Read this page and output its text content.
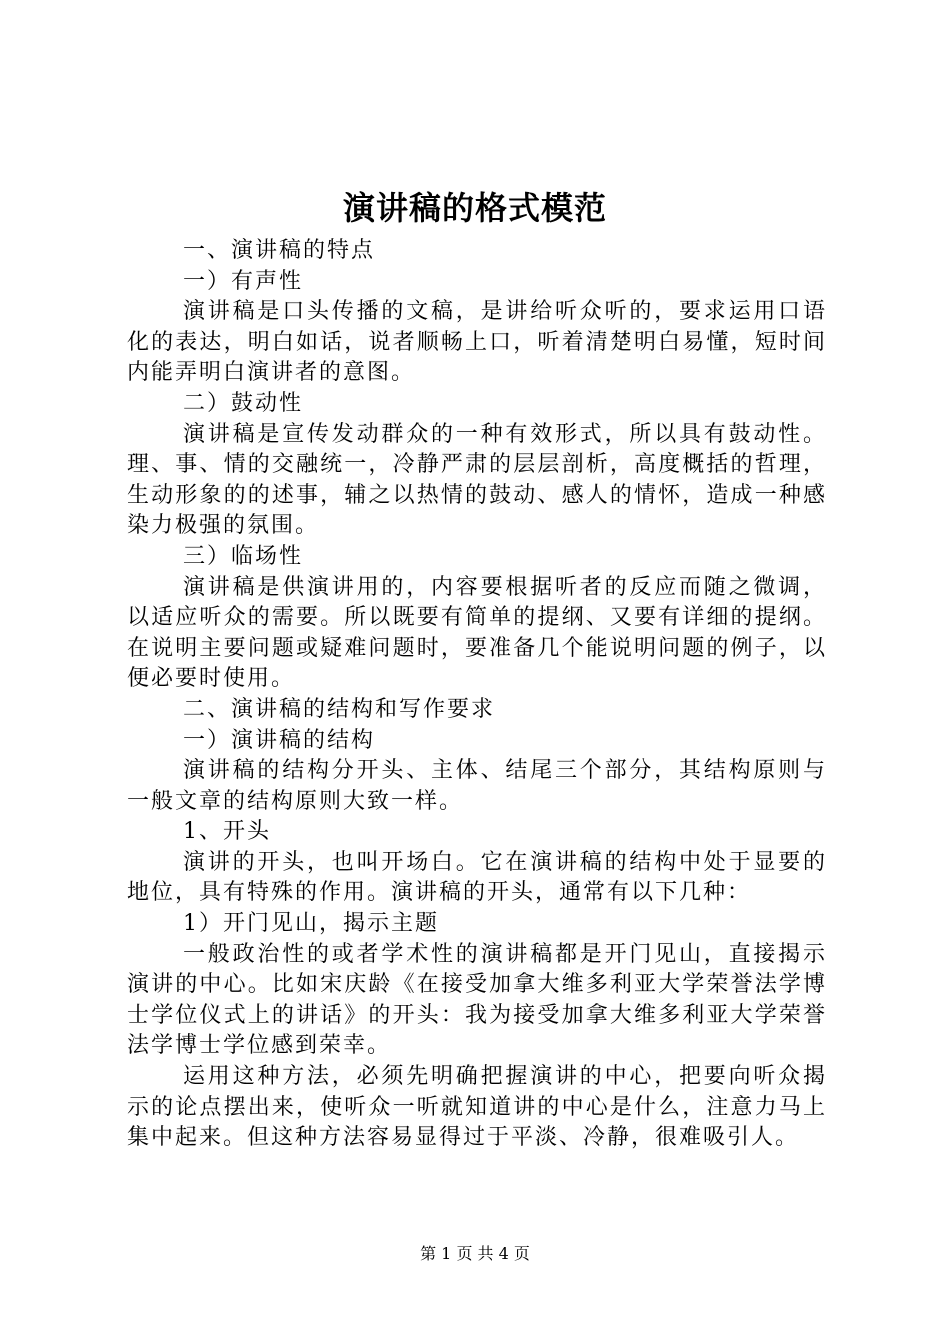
演讲稿的格式模范

一、演讲稿的特点

一）有声性

演讲稿是口头传播的文稿，是讲给听众听的，要求运用口语化的表达，明白如话，说者顺畅上口，听着清楚明白易懂，短时间内能弄明白演讲者的意图。

二）鼓动性

演讲稿是宣传发动群众的一种有效形式，所以具有鼓动性。理、事、情的交融统一，冷静严肃的层层剖析，高度概括的哲理，生动形象的的述事，辅之以热情的鼓动、感人的情怀，造成一种感染力极强的氛围。

三）临场性

演讲稿是供演讲用的，内容要根据听者的反应而随之微调，以适应听众的需要。所以既要有简单的提纲、又要有详细的提纲。在说明主要问题或疑难问题时，要准备几个能说明问题的例子，以便必要时使用。

二、演讲稿的结构和写作要求

一）演讲稿的结构

演讲稿的结构分开头、主体、结尾三个部分，其结构原则与一般文章的结构原则大致一样。

1、开头

演讲的开头，也叫开场白。它在演讲稿的结构中处于显要的地位，具有特殊的作用。演讲稿的开头，通常有以下几种：

1）开门见山，揭示主题

一般政治性的或者学术性的演讲稿都是开门见山，直接揭示演讲的中心。比如宋庆龄《在接受加拿大维多利亚大学荣誉法学博士学位仪式上的讲话》的开头：我为接受加拿大维多利亚大学荣誉法学博士学位感到荣幸。

运用这种方法，必须先明确把握演讲的中心，把要向听众揭示的论点摆出来，使听众一听就知道讲的中心是什么，注意力马上集中起来。但这种方法容易显得过于平淡、冷静，很难吸引人。

第 1 页 共 4 页
